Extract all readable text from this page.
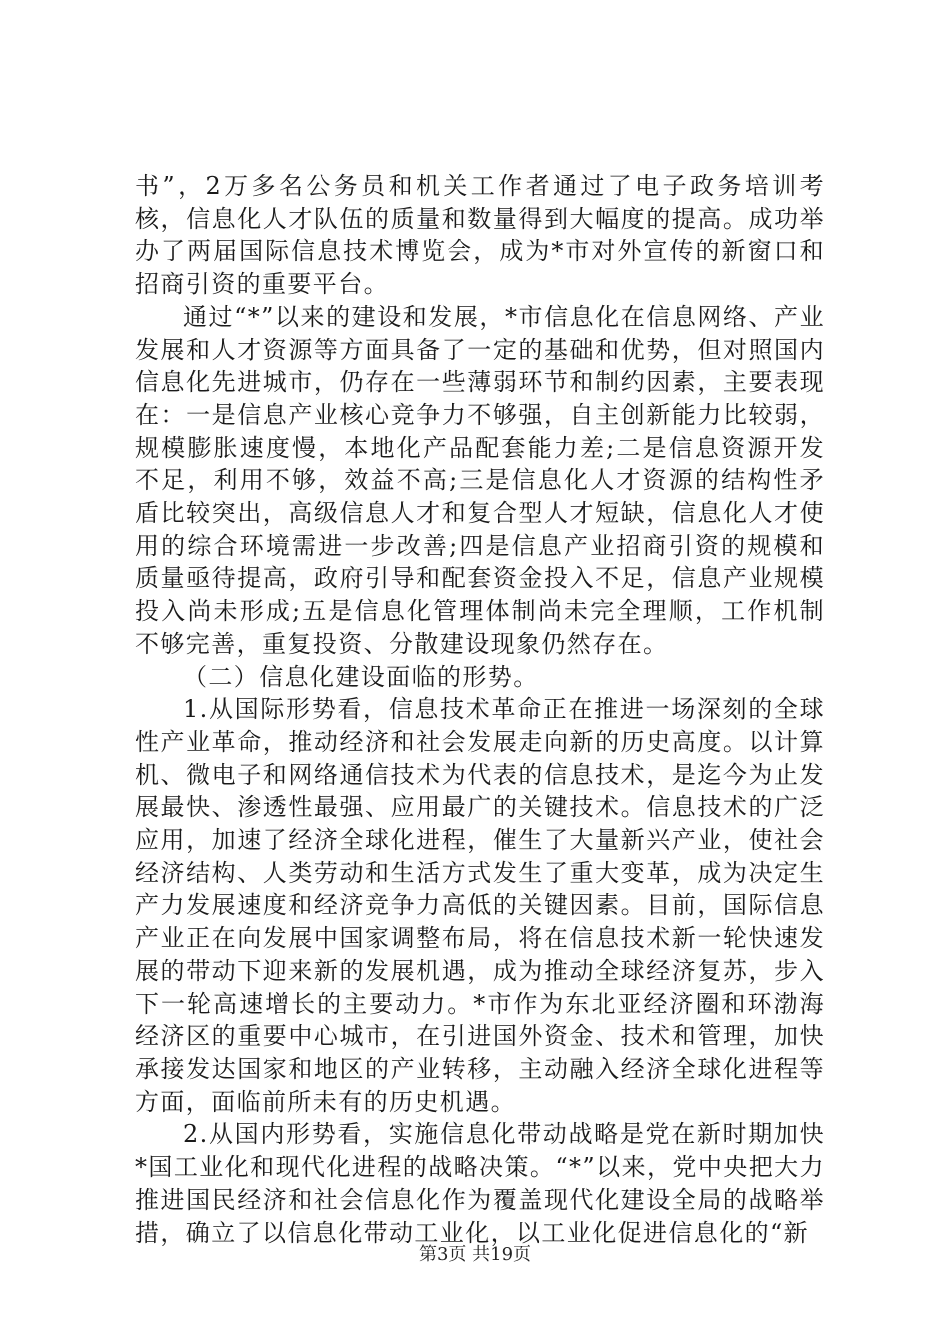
书”，2万多名公务员和机关工作者通过了电子政务培训考核，信息化人才队伍的质量和数量得到大幅度的提高。成功举办了两届国际信息技术博览会，成为*市对外宣传的新窗口和招商引资的重要平台。

通过“*”以来的建设和发展，*市信息化在信息网络、产业发展和人才资源等方面具备了一定的基础和优势，但对照国内信息化先进城市，仍存在一些薄弱环节和制约因素，主要表现在：一是信息产业核心竞争力不够强，自主创新能力比较弱，规模膨胀速度慢，本地化产品配套能力差;二是信息资源开发不足，利用不够，效益不高;三是信息化人才资源的结构性矛盾比较突出，高级信息人才和复合型人才短缺，信息化人才使用的综合环境需进一步改善;四是信息产业招商引资的规模和质量亟待提高，政府引导和配套资金投入不足，信息产业规模投入尚未形成;五是信息化管理体制尚未完全理顺，工作机制不够完善，重复投资、分散建设现象仍然存在。

（二）信息化建设面临的形势。

1.从国际形势看，信息技术革命正在推进一场深刻的全球性产业革命，推动经济和社会发展走向新的历史高度。以计算机、微电子和网络通信技术为代表的信息技术，是迄今为止发展最快、渗透性最强、应用最广的关键技术。信息技术的广泛应用，加速了经济全球化进程，催生了大量新兴产业，使社会经济结构、人类劳动和生活方式发生了重大变革，成为决定生产力发展速度和经济竞争力高低的关键因素。目前，国际信息产业正在向发展中国家调整布局，将在信息技术新一轮快速发展的带动下迎来新的发展机遇，成为推动全球经济复苏，步入下一轮高速增长的主要动力。*市作为东北亚经济圈和环渤海经济区的重要中心城市，在引进国外资金、技术和管理，加快承接发达国家和地区的产业转移，主动融入经济全球化进程等方面，面临前所未有的历史机遇。

2.从国内形势看，实施信息化带动战略是党在新时期加快*国工业化和现代化进程的战略决策。“*”以来，党中央把大力推进国民经济和社会信息化作为覆盖现代化建设全局的战略举措，确立了以信息化带动工业化，以工业化促进信息化的“新

第3页 共19页
